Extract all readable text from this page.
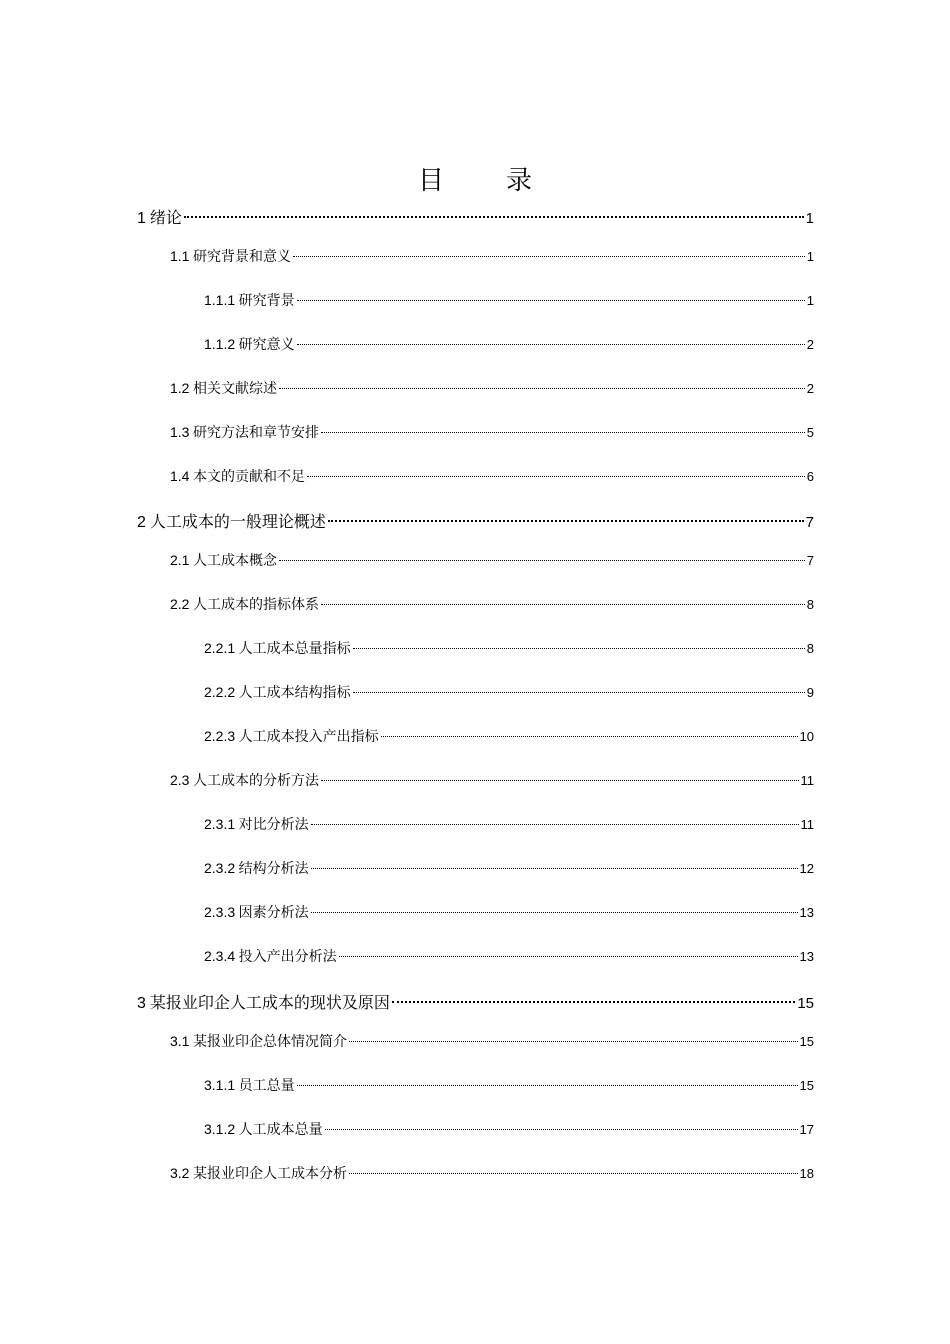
目　录
1 绪论	1
1.1 研究背景和意义	1
1.1.1 研究背景	1
1.1.2 研究意义	2
1.2 相关文献综述	2
1.3 研究方法和章节安排	5
1.4 本文的贡献和不足	6
2 人工成本的一般理论概述	7
2.1 人工成本概念	7
2.2 人工成本的指标体系	8
2.2.1 人工成本总量指标	8
2.2.2 人工成本结构指标	9
2.2.3 人工成本投入产出指标	10
2.3 人工成本的分析方法	11
2.3.1 对比分析法	11
2.3.2 结构分析法	12
2.3.3 因素分析法	13
2.3.4 投入产出分析法	13
3 某报业印企人工成本的现状及原因	15
3.1 某报业印企总体情况简介	15
3.1.1 员工总量	15
3.1.2 人工成本总量	17
3.2 某报业印企人工成本分析	18
